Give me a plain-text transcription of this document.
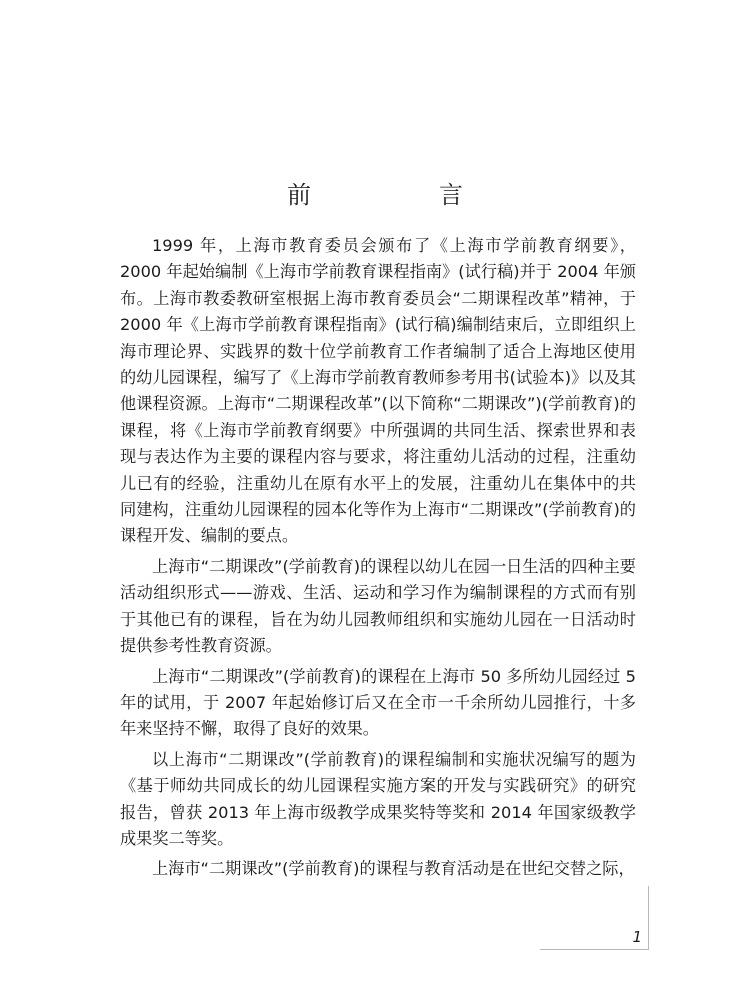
前　言

1999 年，上海市教育委员会颁布了《上海市学前教育纲要》，2000 年起始编制《上海市学前教育课程指南》(试行稿)并于 2004 年颁布。上海市教委教研室根据上海市教育委员会“二期课程改革”精神，于 2000 年《上海市学前教育课程指南》(试行稿)编制结束后，立即组织上海市理论界、实践界的数十位学前教育工作者编制了适合上海地区使用的幼儿园课程，编写了《上海市学前教育教师参考用书(试验本)》以及其他课程资源。上海市“二期课程改革”(以下简称“二期课改”)(学前教育)的课程，将《上海市学前教育纲要》中所强调的共同生活、探索世界和表现与表达作为主要的课程内容与要求，将注重幼儿活动的过程，注重幼儿已有的经验，注重幼儿在原有水平上的发展，注重幼儿在集体中的共同建构，注重幼儿园课程的园本化等作为上海市“二期课改”(学前教育)的课程开发、编制的要点。

上海市“二期课改”(学前教育)的课程以幼儿在园一日生活的四种主要活动组织形式——游戏、生活、运动和学习作为编制课程的方式而有别于其他已有的课程，旨在为幼儿园教师组织和实施幼儿园在一日活动时提供参考性教育资源。

上海市“二期课改”(学前教育)的课程在上海市 50 多所幼儿园经过 5 年的试用，于 2007 年起始修订后又在全市一千余所幼儿园推行，十多年来坚持不懈，取得了良好的效果。

以上海市“二期课改”(学前教育)的课程编制和实施状况编写的题为《基于师幼共同成长的幼儿园课程实施方案的开发与实践研究》的研究报告，曾获 2013 年上海市级教学成果奖特等奖和 2014 年国家级教学成果奖二等奖。

上海市“二期课改”(学前教育)的课程与教育活动是在世纪交替之际，

1
